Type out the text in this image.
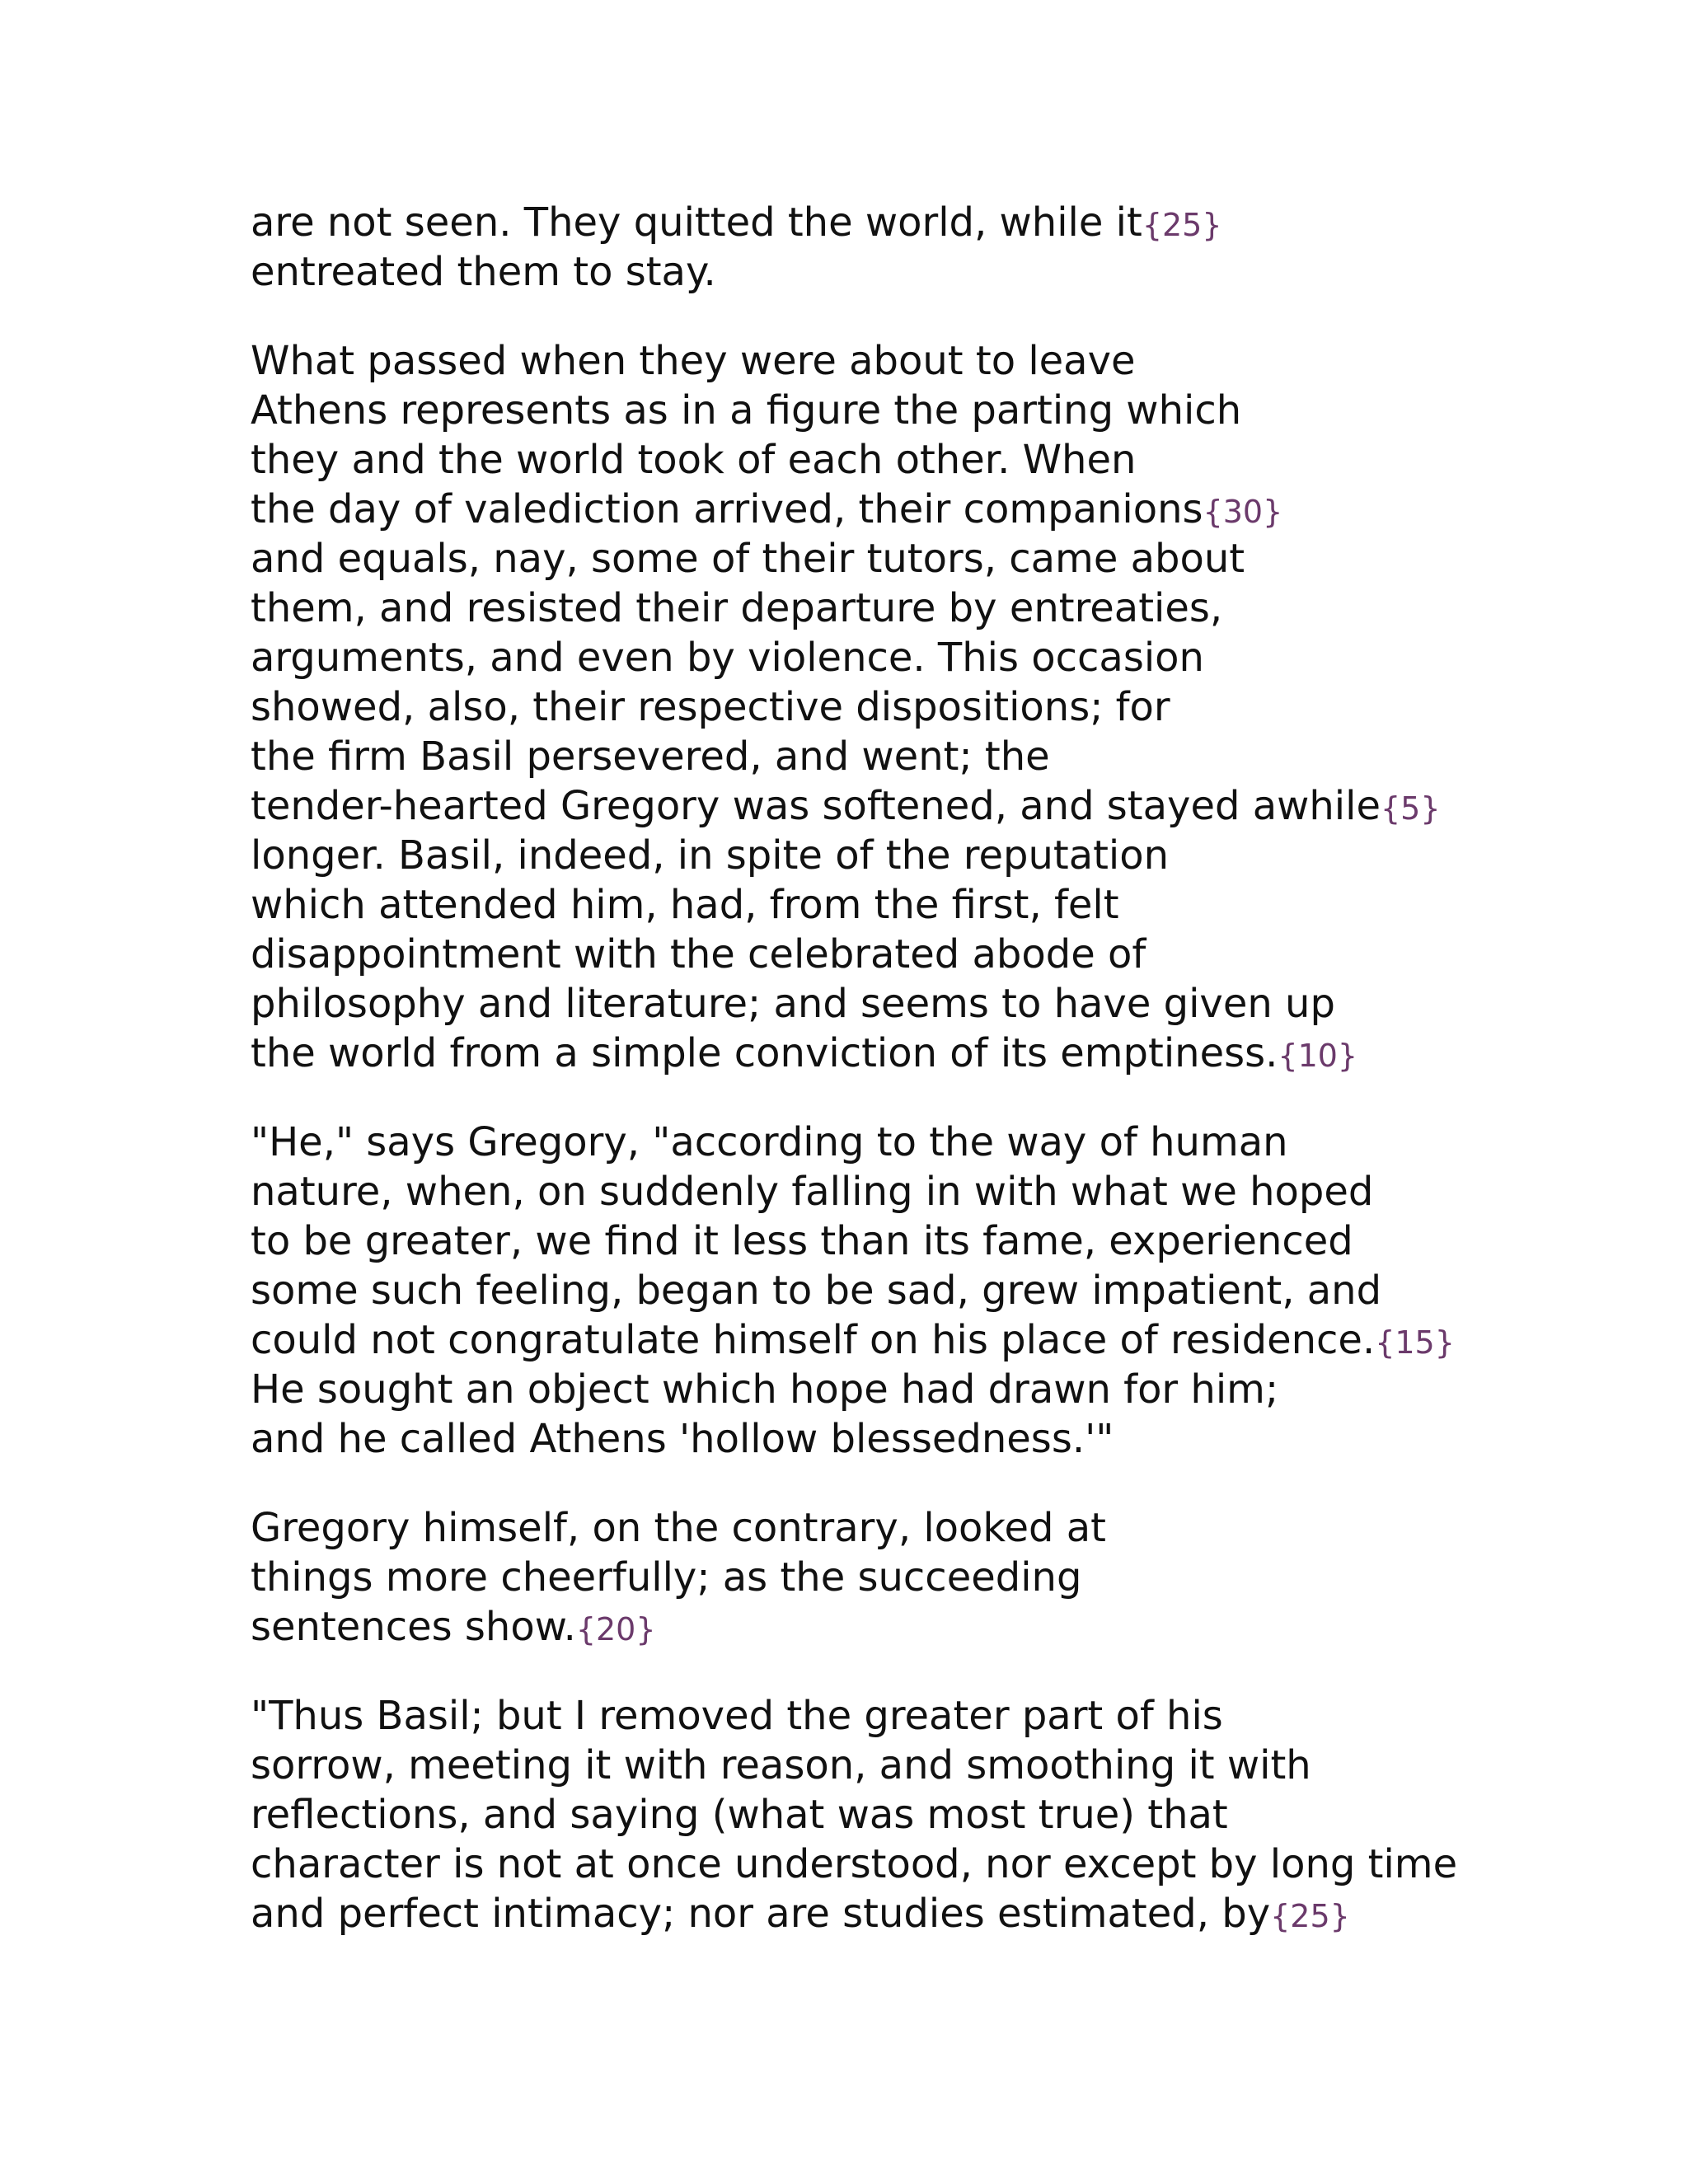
are not seen. They quitted the world, while it{25}
entreated them to stay.
What passed when they were about to leave
Athens represents as in a figure the parting which
they and the world took of each other. When
the day of valediction arrived, their companions{30}
and equals, nay, some of their tutors, came about
them, and resisted their departure by entreaties,
arguments, and even by violence. This occasion
showed, also, their respective dispositions; for
the firm Basil persevered, and went; the
tender-hearted Gregory was softened, and stayed awhile{5}
longer. Basil, indeed, in spite of the reputation
which attended him, had, from the first, felt
disappointment with the celebrated abode of
philosophy and literature; and seems to have given up
the world from a simple conviction of its emptiness.{10}
"He," says Gregory, "according to the way of human
nature, when, on suddenly falling in with what we hoped
to be greater, we find it less than its fame, experienced
some such feeling, began to be sad, grew impatient, and
could not congratulate himself on his place of residence.{15}
He sought an object which hope had drawn for him;
and he called Athens 'hollow blessedness.'"
Gregory himself, on the contrary, looked at
things more cheerfully; as the succeeding
sentences show.{20}
"Thus Basil; but I removed the greater part of his
sorrow, meeting it with reason, and smoothing it with
reflections, and saying (what was most true) that
character is not at once understood, nor except by long time
and perfect intimacy; nor are studies estimated, by{25}
